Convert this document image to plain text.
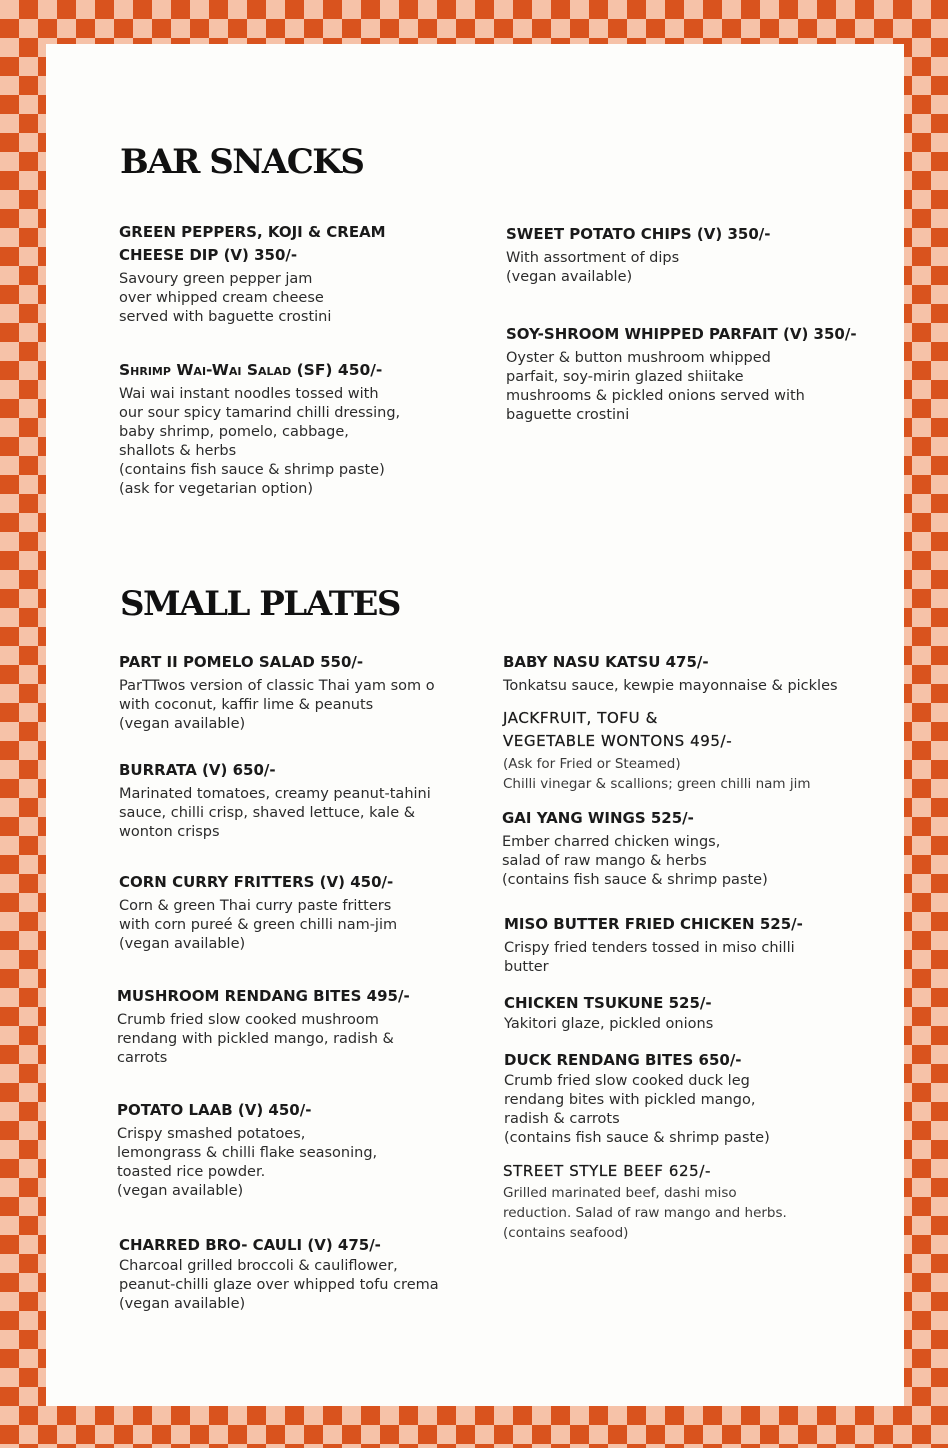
BAR SNACKS

GREEN PEPPERS, KOJI & CREAM CHEESE DIP (V) 350/-

Savoury green pepper jam
over whipped cream cheese
served with baguette crostini

Shrimp Wai-Wai Salad (SF) 450/-

Wai wai instant noodles tossed with
our sour spicy tamarind chilli dressing,
baby shrimp, pomelo, cabbage,
shallots & herbs
(contains fish sauce & shrimp paste)
(ask for vegetarian option)

SWEET POTATO CHIPS (V) 350/-

With assortment of dips
(vegan available)

SOY-SHROOM WHIPPED PARFAIT (V) 350/-

Oyster & button mushroom whipped
parfait, soy-mirin glazed shiitake
mushrooms & pickled onions served with
baguette crostini

SMALL PLATES

PART II POMELO SALAD 550/-

ParTTwos version of classic Thai yam som o
with coconut, kaffir lime & peanuts
(vegan available)

BURRATA (V) 650/-

Marinated tomatoes, creamy peanut-tahini
sauce, chilli crisp, shaved lettuce, kale &
wonton crisps

CORN CURRY FRITTERS (V) 450/-

Corn & green Thai curry paste fritters
with corn pureé & green chilli nam-jim
(vegan available)

MUSHROOM RENDANG BITES 495/-

Crumb fried slow cooked mushroom
rendang with pickled mango, radish &
carrots

POTATO LAAB (V) 450/-

Crispy smashed potatoes,
lemongrass & chilli flake seasoning,
toasted rice powder.
(vegan available)

CHARRED BRO- CAULI (V) 475/-

Charcoal grilled broccoli & cauliflower,
peanut-chilli glaze over whipped tofu crema
(vegan available)

BABY NASU KATSU 475/-

Tonkatsu sauce, kewpie mayonnaise & pickles

JACKFRUIT, TOFU &
VEGETABLE WONTONS 495/-

(Ask for Fried or Steamed)
Chilli vinegar & scallions; green chilli nam jim

GAI YANG WINGS 525/-

Ember charred chicken wings,
salad of raw mango & herbs
(contains fish sauce & shrimp paste)

MISO BUTTER FRIED CHICKEN 525/-

Crispy fried tenders tossed in miso chilli
butter

CHICKEN TSUKUNE 525/-

Yakitori glaze, pickled onions

DUCK RENDANG BITES 650/-

Crumb fried slow cooked duck leg
rendang bites with pickled mango,
radish & carrots
(contains fish sauce & shrimp paste)

STREET STYLE BEEF 625/-

Grilled marinated beef, dashi miso
reduction. Salad of raw mango and herbs.
(contains seafood)
